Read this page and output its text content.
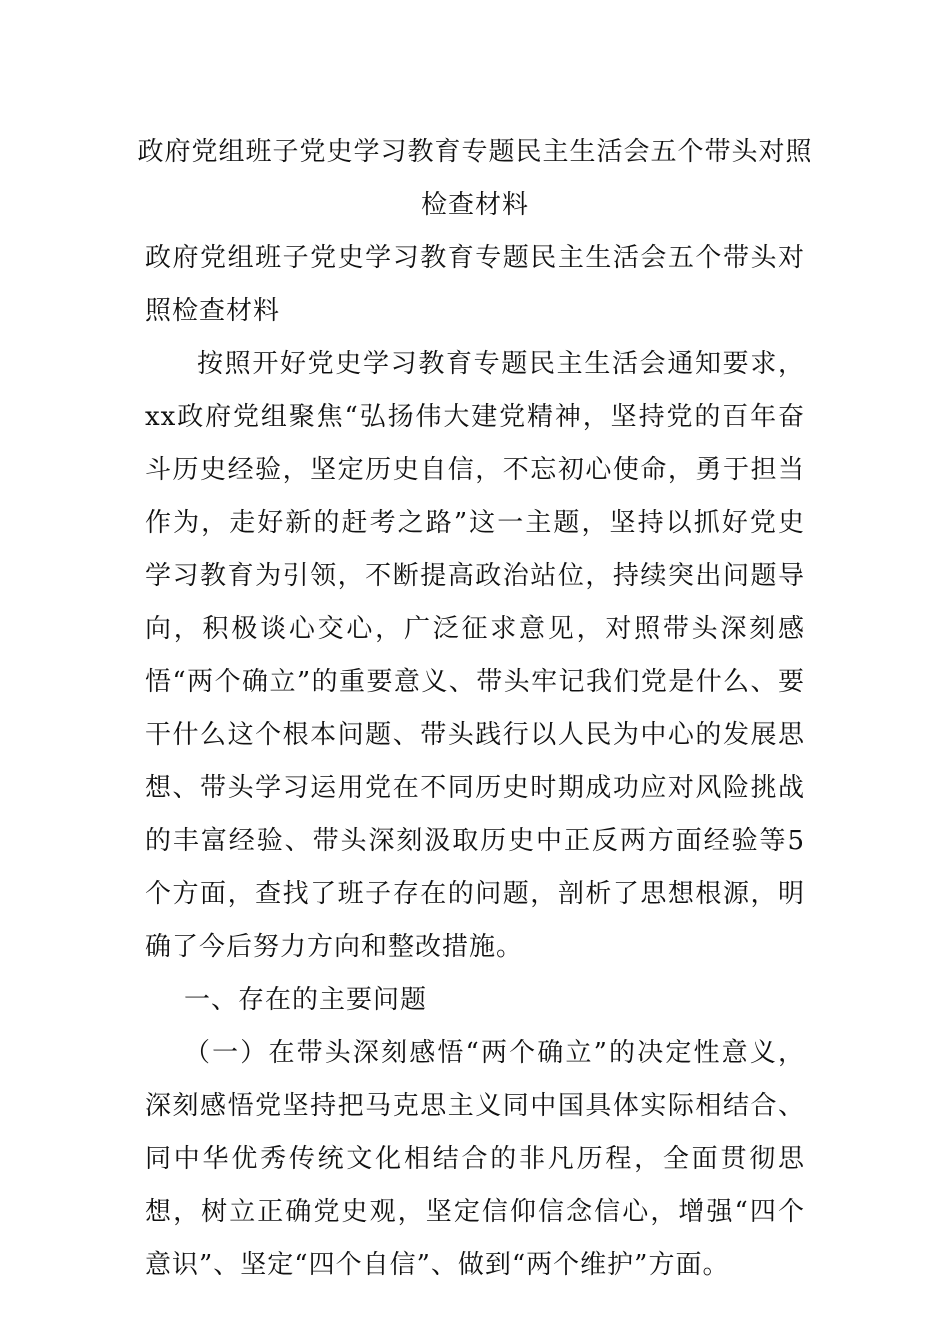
政府党组班子党史学习教育专题民主生活会五个带头对照检查材料

政府党组班子党史学习教育专题民主生活会五个带头对照检查材料

按照开好党史学习教育专题民主生活会通知要求，xx政府党组聚焦“弘扬伟大建党精神，坚持党的百年奋斗历史经验，坚定历史自信，不忘初心使命，勇于担当作为，走好新的赶考之路”这一主题，坚持以抓好党史学习教育为引领，不断提高政治站位，持续突出问题导向，积极谈心交心，广泛征求意见，对照带头深刻感悟“两个确立”的重要意义、带头牢记我们党是什么、要干什么这个根本问题、带头践行以人民为中心的发展思想、带头学习运用党在不同历史时期成功应对风险挑战的丰富经验、带头深刻汲取历史中正反两方面经验等5个方面，查找了班子存在的问题，剖析了思想根源，明确了今后努力方向和整改措施。

一、存在的主要问题

（一）在带头深刻感悟“两个确立”的决定性意义，深刻感悟党坚持把马克思主义同中国具体实际相结合、同中华优秀传统文化相结合的非凡历程，全面贯彻思想，树立正确党史观，坚定信仰信念信心，增强“四个意识”、坚定“四个自信”、做到“两个维护”方面。
